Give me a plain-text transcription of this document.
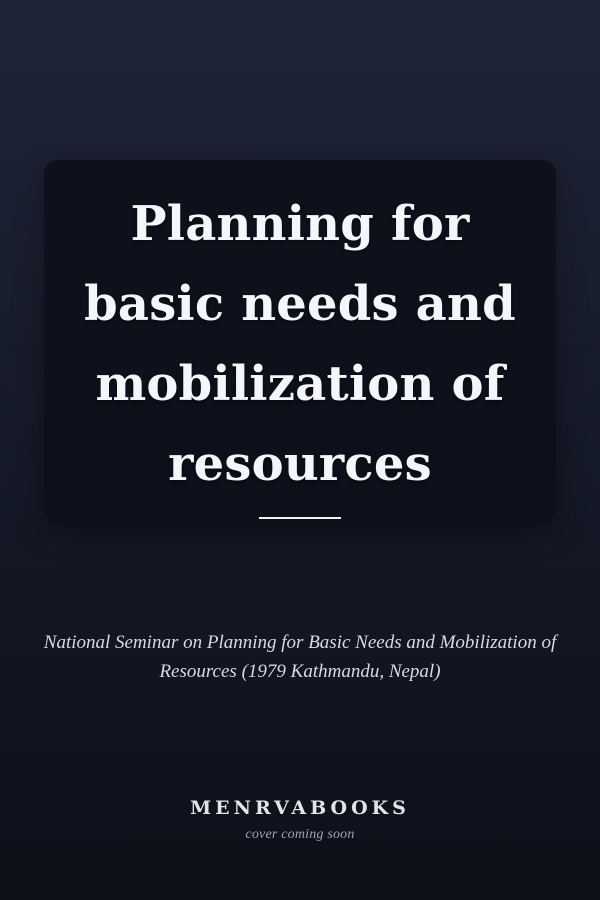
Planning for basic needs and mobilization of resources

National Seminar on Planning for Basic Needs and Mobilization of Resources (1979 Kathmandu, Nepal)

MENRVABOOKS

cover coming soon
